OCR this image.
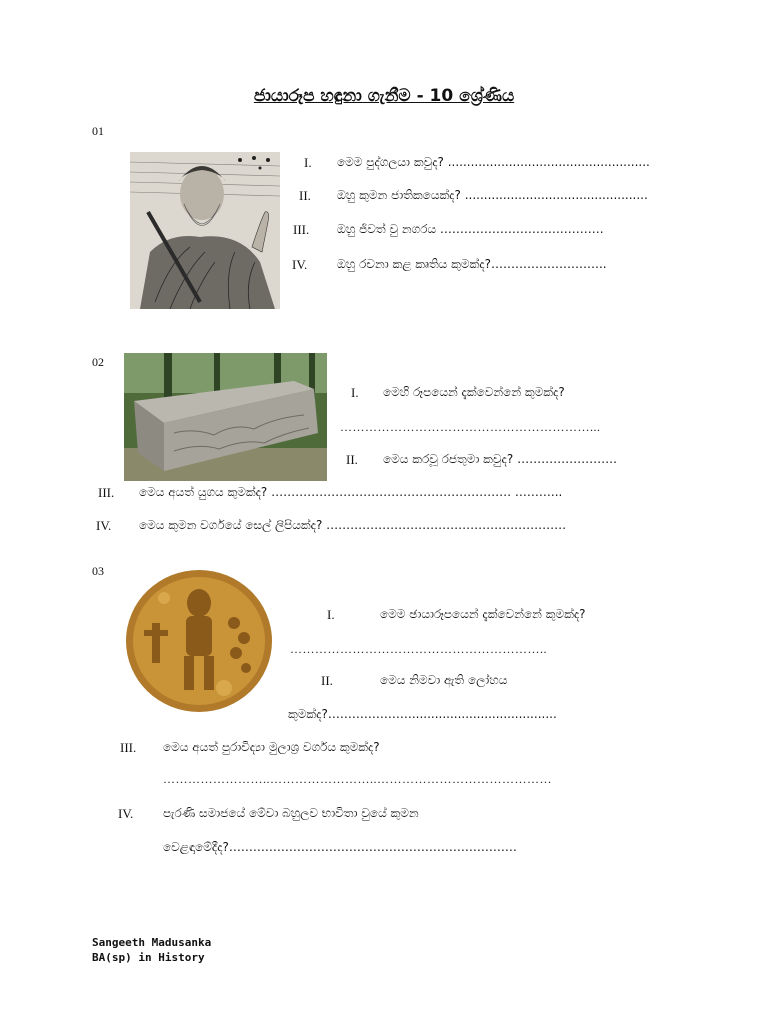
ජායාරූප හඳුනා ගැනීම - 10 ශ්‍රේණිය
01
I. මෙම පුද්ගලයා කවුද? .....................................................
II. ඔහු කුමන ජාතිකයෙක්ද? ................................................
III. ඔහු ජිවත් වු නගරය ………………………….……….
IV. ඔහු රචනා කළ කෘතිය කුමක්ද?………………………..
02
I. මෙහි රූපයෙන් දැක්වෙන්නේ කුමක්ද?
……………………………………………………...
II. මෙය කරවූ රජතුමා කවුද? …………………….
III. මෙය අයත් යුගය කුමක්ද? …………………………………………………… ………...
IV. මෙය කුමන වර්ගයේ සෙල් ලිපියක්ද? ……………………………………………………
03
I.	මෙම ඡායාරූපයෙන් දැක්වෙන්නේ කුමක්ද?
……………………………………………………..
II.	මෙය නිමවා ඇති ලෝහය
කුමක්ද?…………………......................................
III. මෙය අයත් පුරාවිද්‍යා මුලාශ්‍ර වර්ගය කුමක්ද?
……………………..……………………..……………………………………
IV. පැරණි සමාජයේ මේවා බහුලව භාවිතා වුයේ කුමන
වෙළඳාමේදීද?………………………………………………………………
Sangeeth Madusanka
BA(sp) in History
